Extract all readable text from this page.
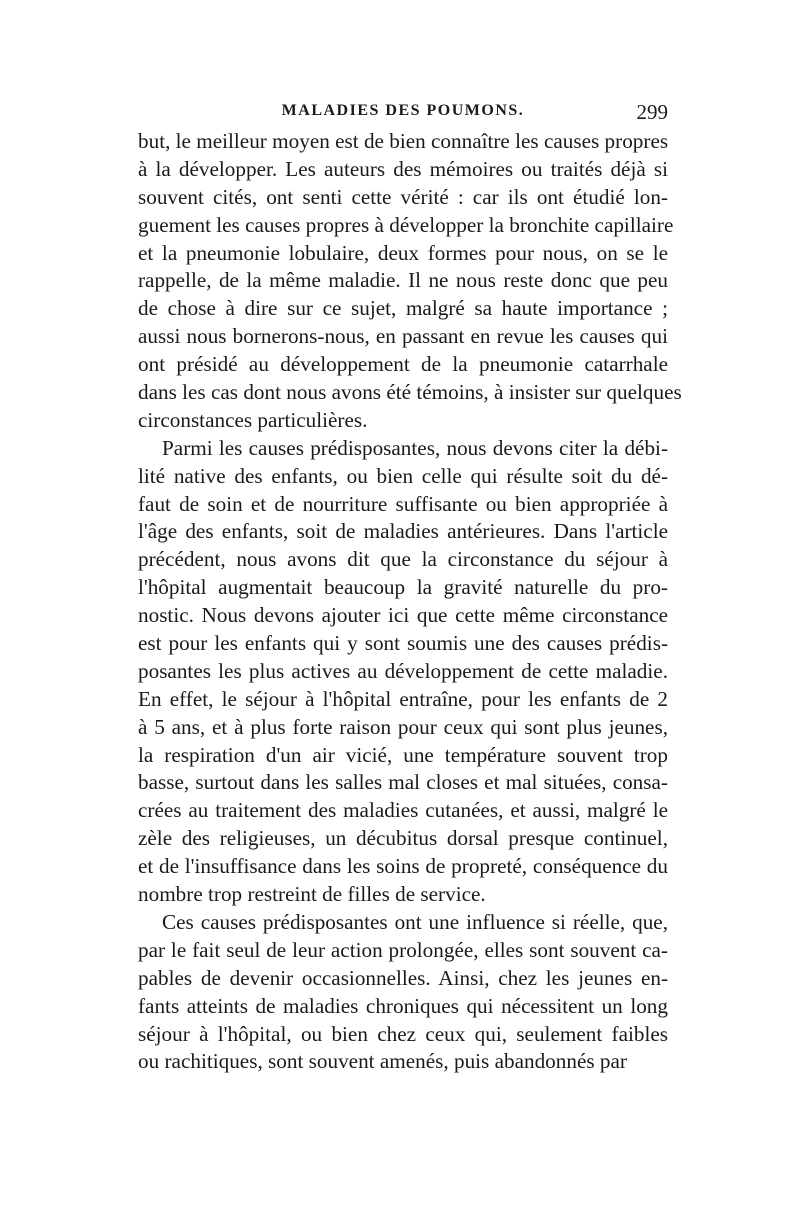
MALADIES DES POUMONS.	299
but, le meilleur moyen est de bien connaître les causes propres
à la développer. Les auteurs des mémoires ou traités déjà si
souvent cités, ont senti cette vérité : car ils ont étudié lon-
guement les causes propres à développer la bronchite capillaire
et la pneumonie lobulaire, deux formes pour nous, on se le
rappelle, de la même maladie. Il ne nous reste donc que peu
de chose à dire sur ce sujet, malgré sa haute importance ;
aussi nous bornerons-nous, en passant en revue les causes qui
ont présidé au développement de la pneumonie catarrhale
dans les cas dont nous avons été témoins, à insister sur quelques
circonstances particulières.
Parmi les causes prédisposantes, nous devons citer la débi-
lité native des enfants, ou bien celle qui résulte soit du dé-
faut de soin et de nourriture suffisante ou bien appropriée à
l'âge des enfants, soit de maladies antérieures. Dans l'article
précédent, nous avons dit que la circonstance du séjour à
l'hôpital augmentait beaucoup la gravité naturelle du pro-
nostic. Nous devons ajouter ici que cette même circonstance
est pour les enfants qui y sont soumis une des causes prédis-
posantes les plus actives au développement de cette maladie.
En effet, le séjour à l'hôpital entraîne, pour les enfants de 2
à 5 ans, et à plus forte raison pour ceux qui sont plus jeunes,
la respiration d'un air vicié, une température souvent trop
basse, surtout dans les salles mal closes et mal situées, consa-
crées au traitement des maladies cutanées, et aussi, malgré le
zèle des religieuses, un décubitus dorsal presque continuel,
et de l'insuffisance dans les soins de propreté, conséquence du
nombre trop restreint de filles de service.
Ces causes prédisposantes ont une influence si réelle, que,
par le fait seul de leur action prolongée, elles sont souvent ca-
pables de devenir occasionnelles. Ainsi, chez les jeunes en-
fants atteints de maladies chroniques qui nécessitent un long
séjour à l'hôpital, ou bien chez ceux qui, seulement faibles
ou rachitiques, sont souvent amenés, puis abandonnés par
